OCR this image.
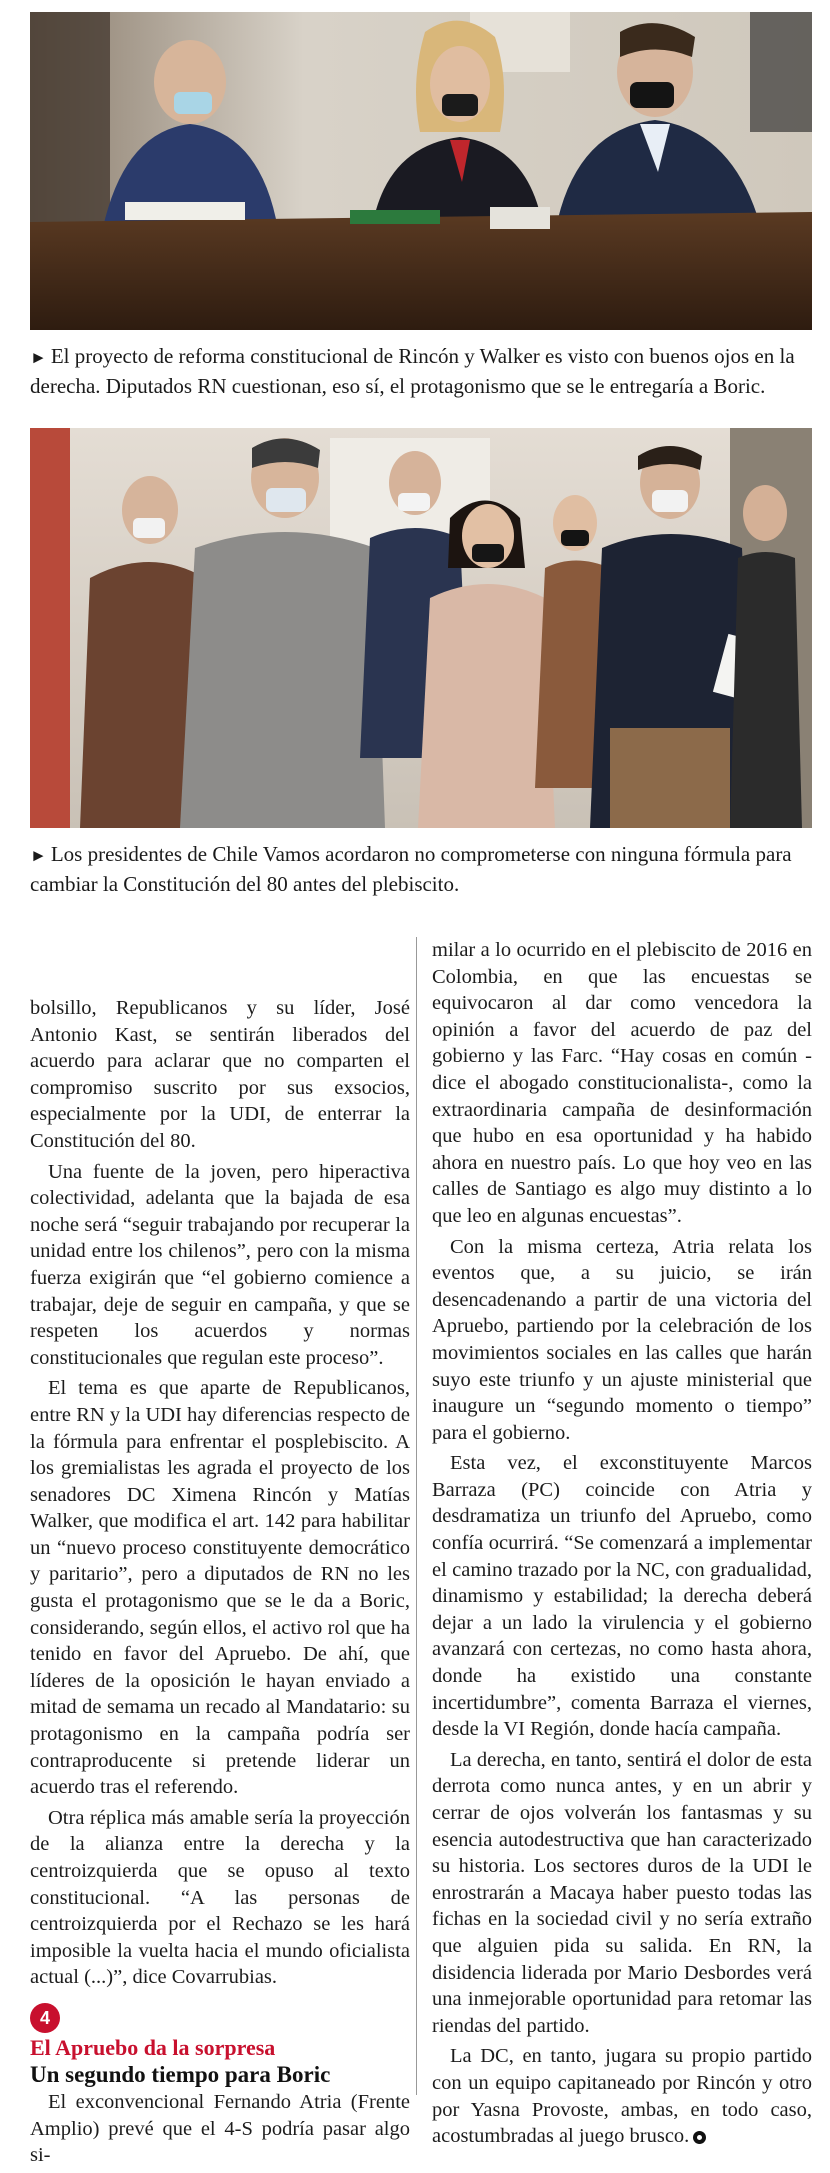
► El proyecto de reforma constitucional de Rincón y Walker es visto con buenos ojos en la derecha. Diputados RN cuestionan, eso sí, el protagonismo que se le entregaría a Boric.
► Los presidentes de Chile Vamos acordaron no comprometerse con ninguna fórmula para cambiar la Constitución del 80 antes del plebiscito.

bolsillo, Republicanos y su líder, José Antonio Kast, se sentirán liberados del acuerdo para aclarar que no comparten el compromiso suscrito por sus exsocios, especialmente por la UDI, de enterrar la Constitución del 80.

Una fuente de la joven, pero hiperactiva colectividad, adelanta que la bajada de esa noche será “seguir trabajando por recuperar la unidad entre los chilenos”, pero con la misma fuerza exigirán que “el gobierno comience a trabajar, deje de seguir en campaña, y que se respeten los acuerdos y normas constitucionales que regulan este proceso”.

El tema es que aparte de Republicanos, entre RN y la UDI hay diferencias respecto de la fórmula para enfrentar el posplebiscito. A los gremialistas les agrada el proyecto de los senadores DC Ximena Rincón y Matías Walker, que modifica el art. 142 para habilitar un “nuevo proceso constituyente democrático y paritario”, pero a diputados de RN no les gusta el protagonismo que se le da a Boric, considerando, según ellos, el activo rol que ha tenido en favor del Apruebo. De ahí, que líderes de la oposición le hayan enviado a mitad de semama un recado al Mandatario: su protagonismo en la campaña podría ser contraproducente si pretende liderar un acuerdo tras el referendo.

Otra réplica más amable sería la proyección de la alianza entre la derecha y la centroizquierda que se opuso al texto constitucional. “A las personas de centroizquierda por el Rechazo se les hará imposible la vuelta hacia el mundo oficialista actual (...)”, dice Covarrubias.

4
El Apruebo da la sorpresa
Un segundo tiempo para Boric

El exconvencional Fernando Atria (Frente Amplio) prevé que el 4-S podría pasar algo si-

milar a lo ocurrido en el plebiscito de 2016 en Colombia, en que las encuestas se equivocaron al dar como vencedora la opinión a favor del acuerdo de paz del gobierno y las Farc. “Hay cosas en común -dice el abogado constitucionalista-, como la extraordinaria campaña de desinformación que hubo en esa oportunidad y ha habido ahora en nuestro país. Lo que hoy veo en las calles de Santiago es algo muy distinto a lo que leo en algunas encuestas”.

Con la misma certeza, Atria relata los eventos que, a su juicio, se irán desencadenando a partir de una victoria del Apruebo, partiendo por la celebración de los movimientos sociales en las calles que harán suyo este triunfo y un ajuste ministerial que inaugure un “segundo momento o tiempo” para el gobierno.

Esta vez, el exconstituyente Marcos Barraza (PC) coincide con Atria y desdramatiza un triunfo del Apruebo, como confía ocurrirá. “Se comenzará a implementar el camino trazado por la NC, con gradualidad, dinamismo y estabilidad; la derecha deberá dejar a un lado la virulencia y el gobierno avanzará con certezas, no como hasta ahora, donde ha existido una constante incertidumbre”, comenta Barraza el viernes, desde la VI Región, donde hacía campaña.

La derecha, en tanto, sentirá el dolor de esta derrota como nunca antes, y en un abrir y cerrar de ojos volverán los fantasmas y su esencia autodestructiva que han caracterizado su historia. Los sectores duros de la UDI le enrostrarán a Macaya haber puesto todas las fichas en la sociedad civil y no sería extraño que alguien pida su salida. En RN, la disidencia liderada por Mario Desbordes verá una inmejorable oportunidad para retomar las riendas del partido.

La DC, en tanto, jugara su propio partido con un equipo capitaneado por Rincón y otro por Yasna Provoste, ambas, en todo caso, acostumbradas al juego brusco.
